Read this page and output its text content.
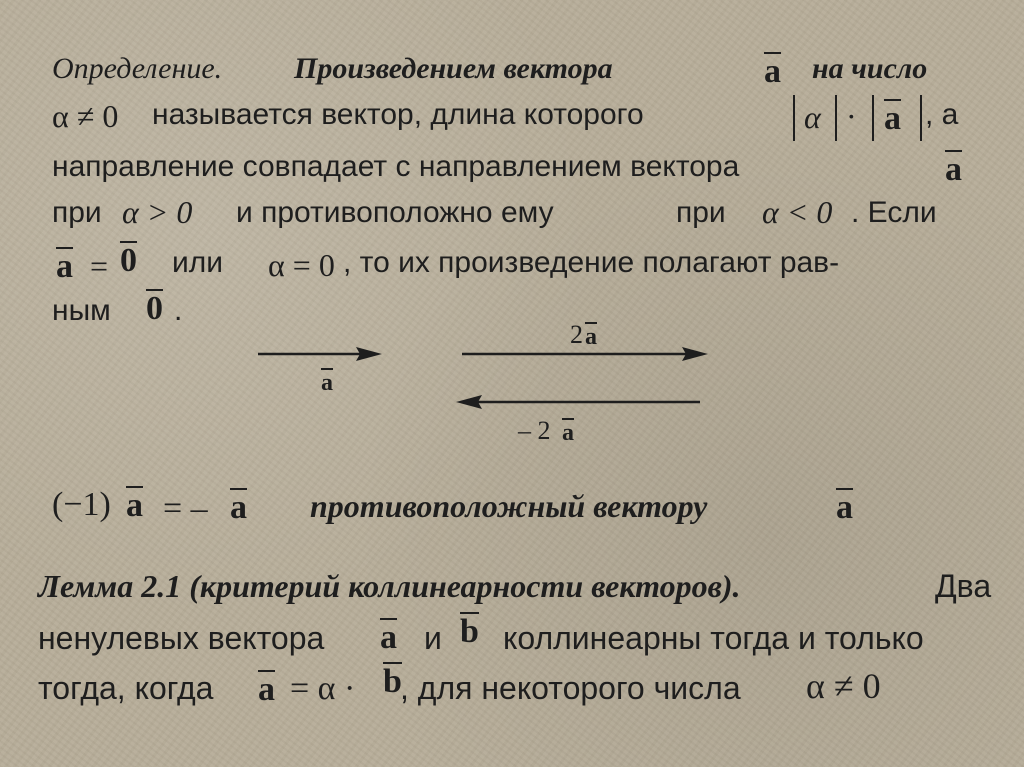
Определение. Произведением вектора	a на число
α ≠ 0 называется вектор, длина которого	α · a , а
направление совпадает с направлением вектора	a
при α > 0 и противоположно ему	при α < 0 . Если
a = 0 или α = 0 , то их произведение полагают рав-
ным 0 .
2 a
a
– 2 a
(−1) a = – a противоположный вектору	a
Лемма 2.1 (критерий коллинеарности векторов).	Два
ненулевых вектора a и b коллинеарны тогда и только
тогда, когда a = α · b
, для некоторого числа α ≠ 0
